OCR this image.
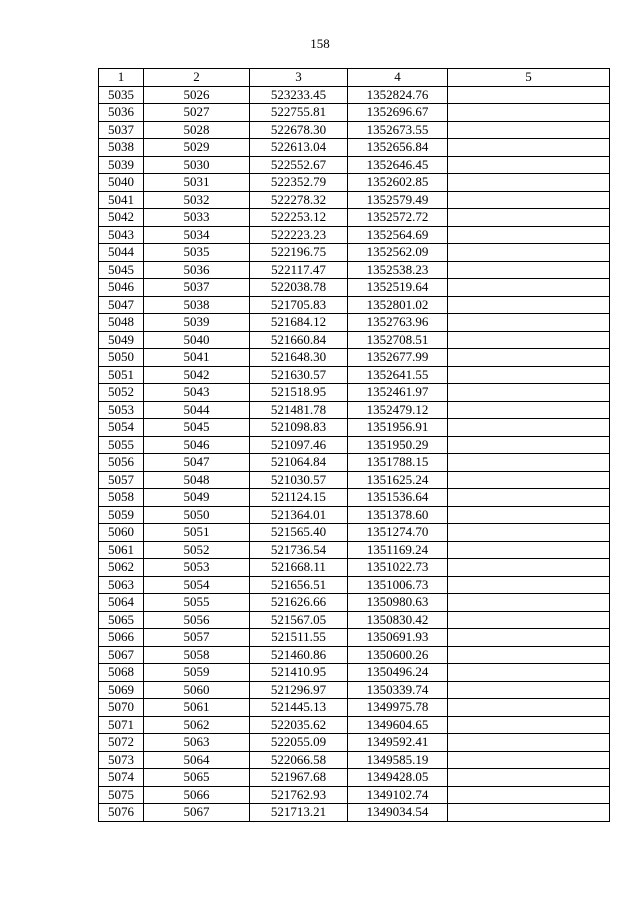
158
1	2	3	4	5
5035	5026	523233.45	1352824.76	
5036	5027	522755.81	1352696.67	
5037	5028	522678.30	1352673.55	
5038	5029	522613.04	1352656.84	
5039	5030	522552.67	1352646.45	
5040	5031	522352.79	1352602.85	
5041	5032	522278.32	1352579.49	
5042	5033	522253.12	1352572.72	
5043	5034	522223.23	1352564.69	
5044	5035	522196.75	1352562.09	
5045	5036	522117.47	1352538.23	
5046	5037	522038.78	1352519.64	
5047	5038	521705.83	1352801.02	
5048	5039	521684.12	1352763.96	
5049	5040	521660.84	1352708.51	
5050	5041	521648.30	1352677.99	
5051	5042	521630.57	1352641.55	
5052	5043	521518.95	1352461.97	
5053	5044	521481.78	1352479.12	
5054	5045	521098.83	1351956.91	
5055	5046	521097.46	1351950.29	
5056	5047	521064.84	1351788.15	
5057	5048	521030.57	1351625.24	
5058	5049	521124.15	1351536.64	
5059	5050	521364.01	1351378.60	
5060	5051	521565.40	1351274.70	
5061	5052	521736.54	1351169.24	
5062	5053	521668.11	1351022.73	
5063	5054	521656.51	1351006.73	
5064	5055	521626.66	1350980.63	
5065	5056	521567.05	1350830.42	
5066	5057	521511.55	1350691.93	
5067	5058	521460.86	1350600.26	
5068	5059	521410.95	1350496.24	
5069	5060	521296.97	1350339.74	
5070	5061	521445.13	1349975.78	
5071	5062	522035.62	1349604.65	
5072	5063	522055.09	1349592.41	
5073	5064	522066.58	1349585.19	
5074	5065	521967.68	1349428.05	
5075	5066	521762.93	1349102.74	
5076	5067	521713.21	1349034.54	
